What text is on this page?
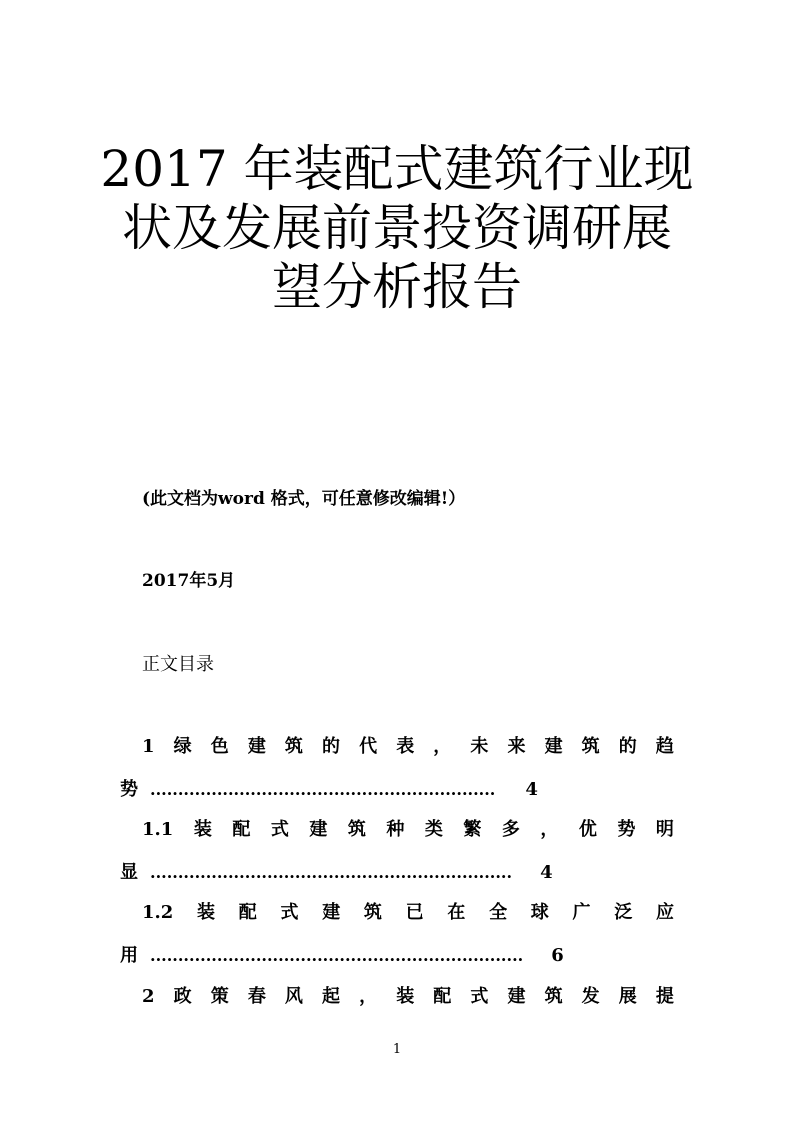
2017 年装配式建筑行业现
状及发展前景投资调研展
望分析报告
(此文档为word 格式，可任意修改编辑!）
2017年5月
正文目录
1 绿 色 建 筑 的 代 表 ， 未 来 建 筑 的 趋
势 .............................................................. 4
1.1 装 配 式 建 筑 种 类 繁 多 ， 优 势 明
显 ................................................................. 4
1.2 装 配 式 建 筑 已 在 全 球 广 泛 应
用 ................................................................... 6
2 政 策 春 风 起 ， 装 配 式 建 筑 发 展 提
1
